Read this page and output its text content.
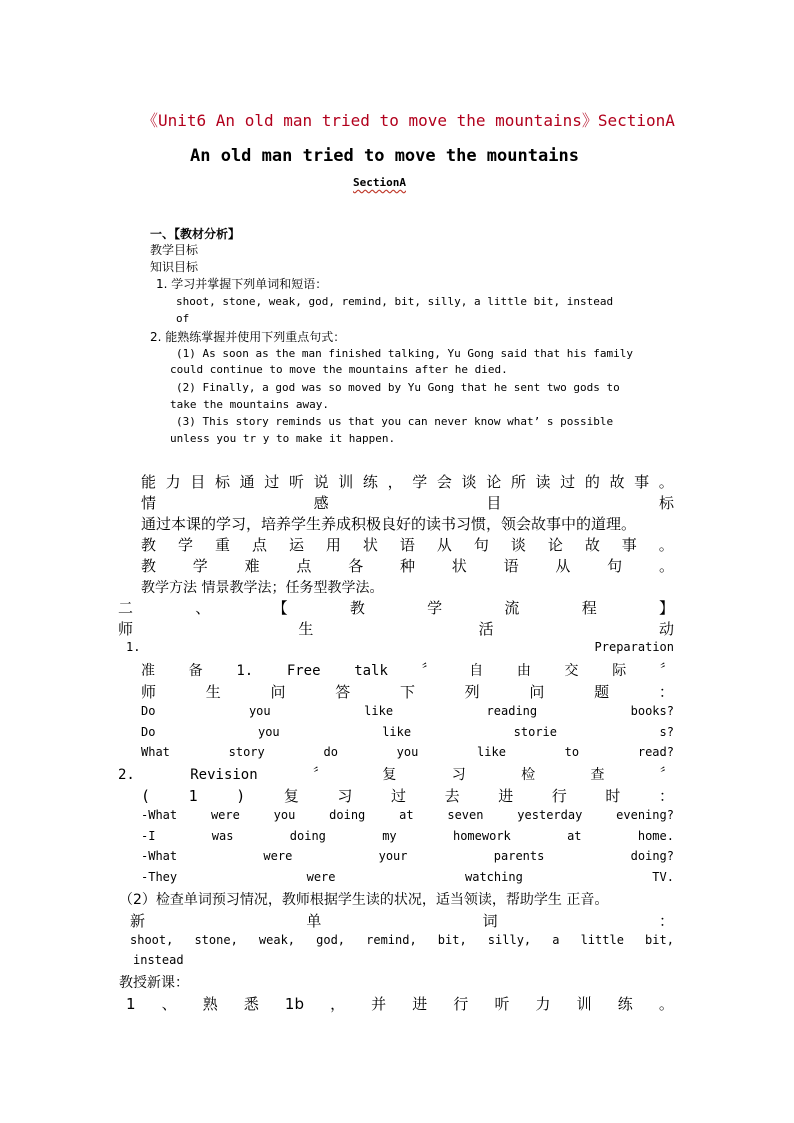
《Unit6 An old man tried to move the mountains》SectionA
An old man tried to move the mountains
SectionA
一、【教材分析】
教学目标
知识目标
1. 学习并掌握下列单词和短语：
shoot, stone, weak, god, remind, bit, silly, a little bit, instead
of
2. 能熟练掌握并使用下列重点句式：
(1) As soon as the man finished talking, Yu Gong said that his family
could continue to move the mountains after he died.
(2) Finally, a god was so moved by Yu Gong that he sent two gods to
take the mountains away.
(3) This story reminds us that you can never know what’ s possible
unless you tr y to make it happen.
能 力 目 标 通 过 听 说 训 练 ， 学 会 谈 论 所 读 过 的 故 事 。
情	感	目	标
通过本课的学习，培养学生养成积极良好的读书习惯，领会故事中的道理。
教 学 重 点 运 用 状 语 从 句 谈 论 故 事 。
教 学 难 点 各 种 状 语 从 句 。
教学方法 情景教学法；任务型教学法。
二	、	【	教	学	流	程	】
师	生	活	动
1.	Preparation
准 备 1. Free talk 〞 自 由 交 际 〞
师	生	问	答	下	列	问	题	：
Do	you	like	reading	books?
Do	you	like	storie	s?
What	story	do	you	like	to	read?
2.	Revision	〞	复	习	检	查	〞
(	1	)	复	习	过	去	进	行	时	：
-What	were	you	doing	at	seven	yesterday	evening?
-I	was	doing	my	homework	at	home.
-What	were	your	parents	doing?
-They	were	watching	TV.
（2）检查单词预习情况，教师根据学生读的状况，适当领读，帮助学生 正音。
新	单	词	：
shoot, stone, weak, god, remind, bit, silly, a little bit,
instead
教授新课：
1 、 熟 悉 1b ， 并 进 行 听 力 训 练 。
